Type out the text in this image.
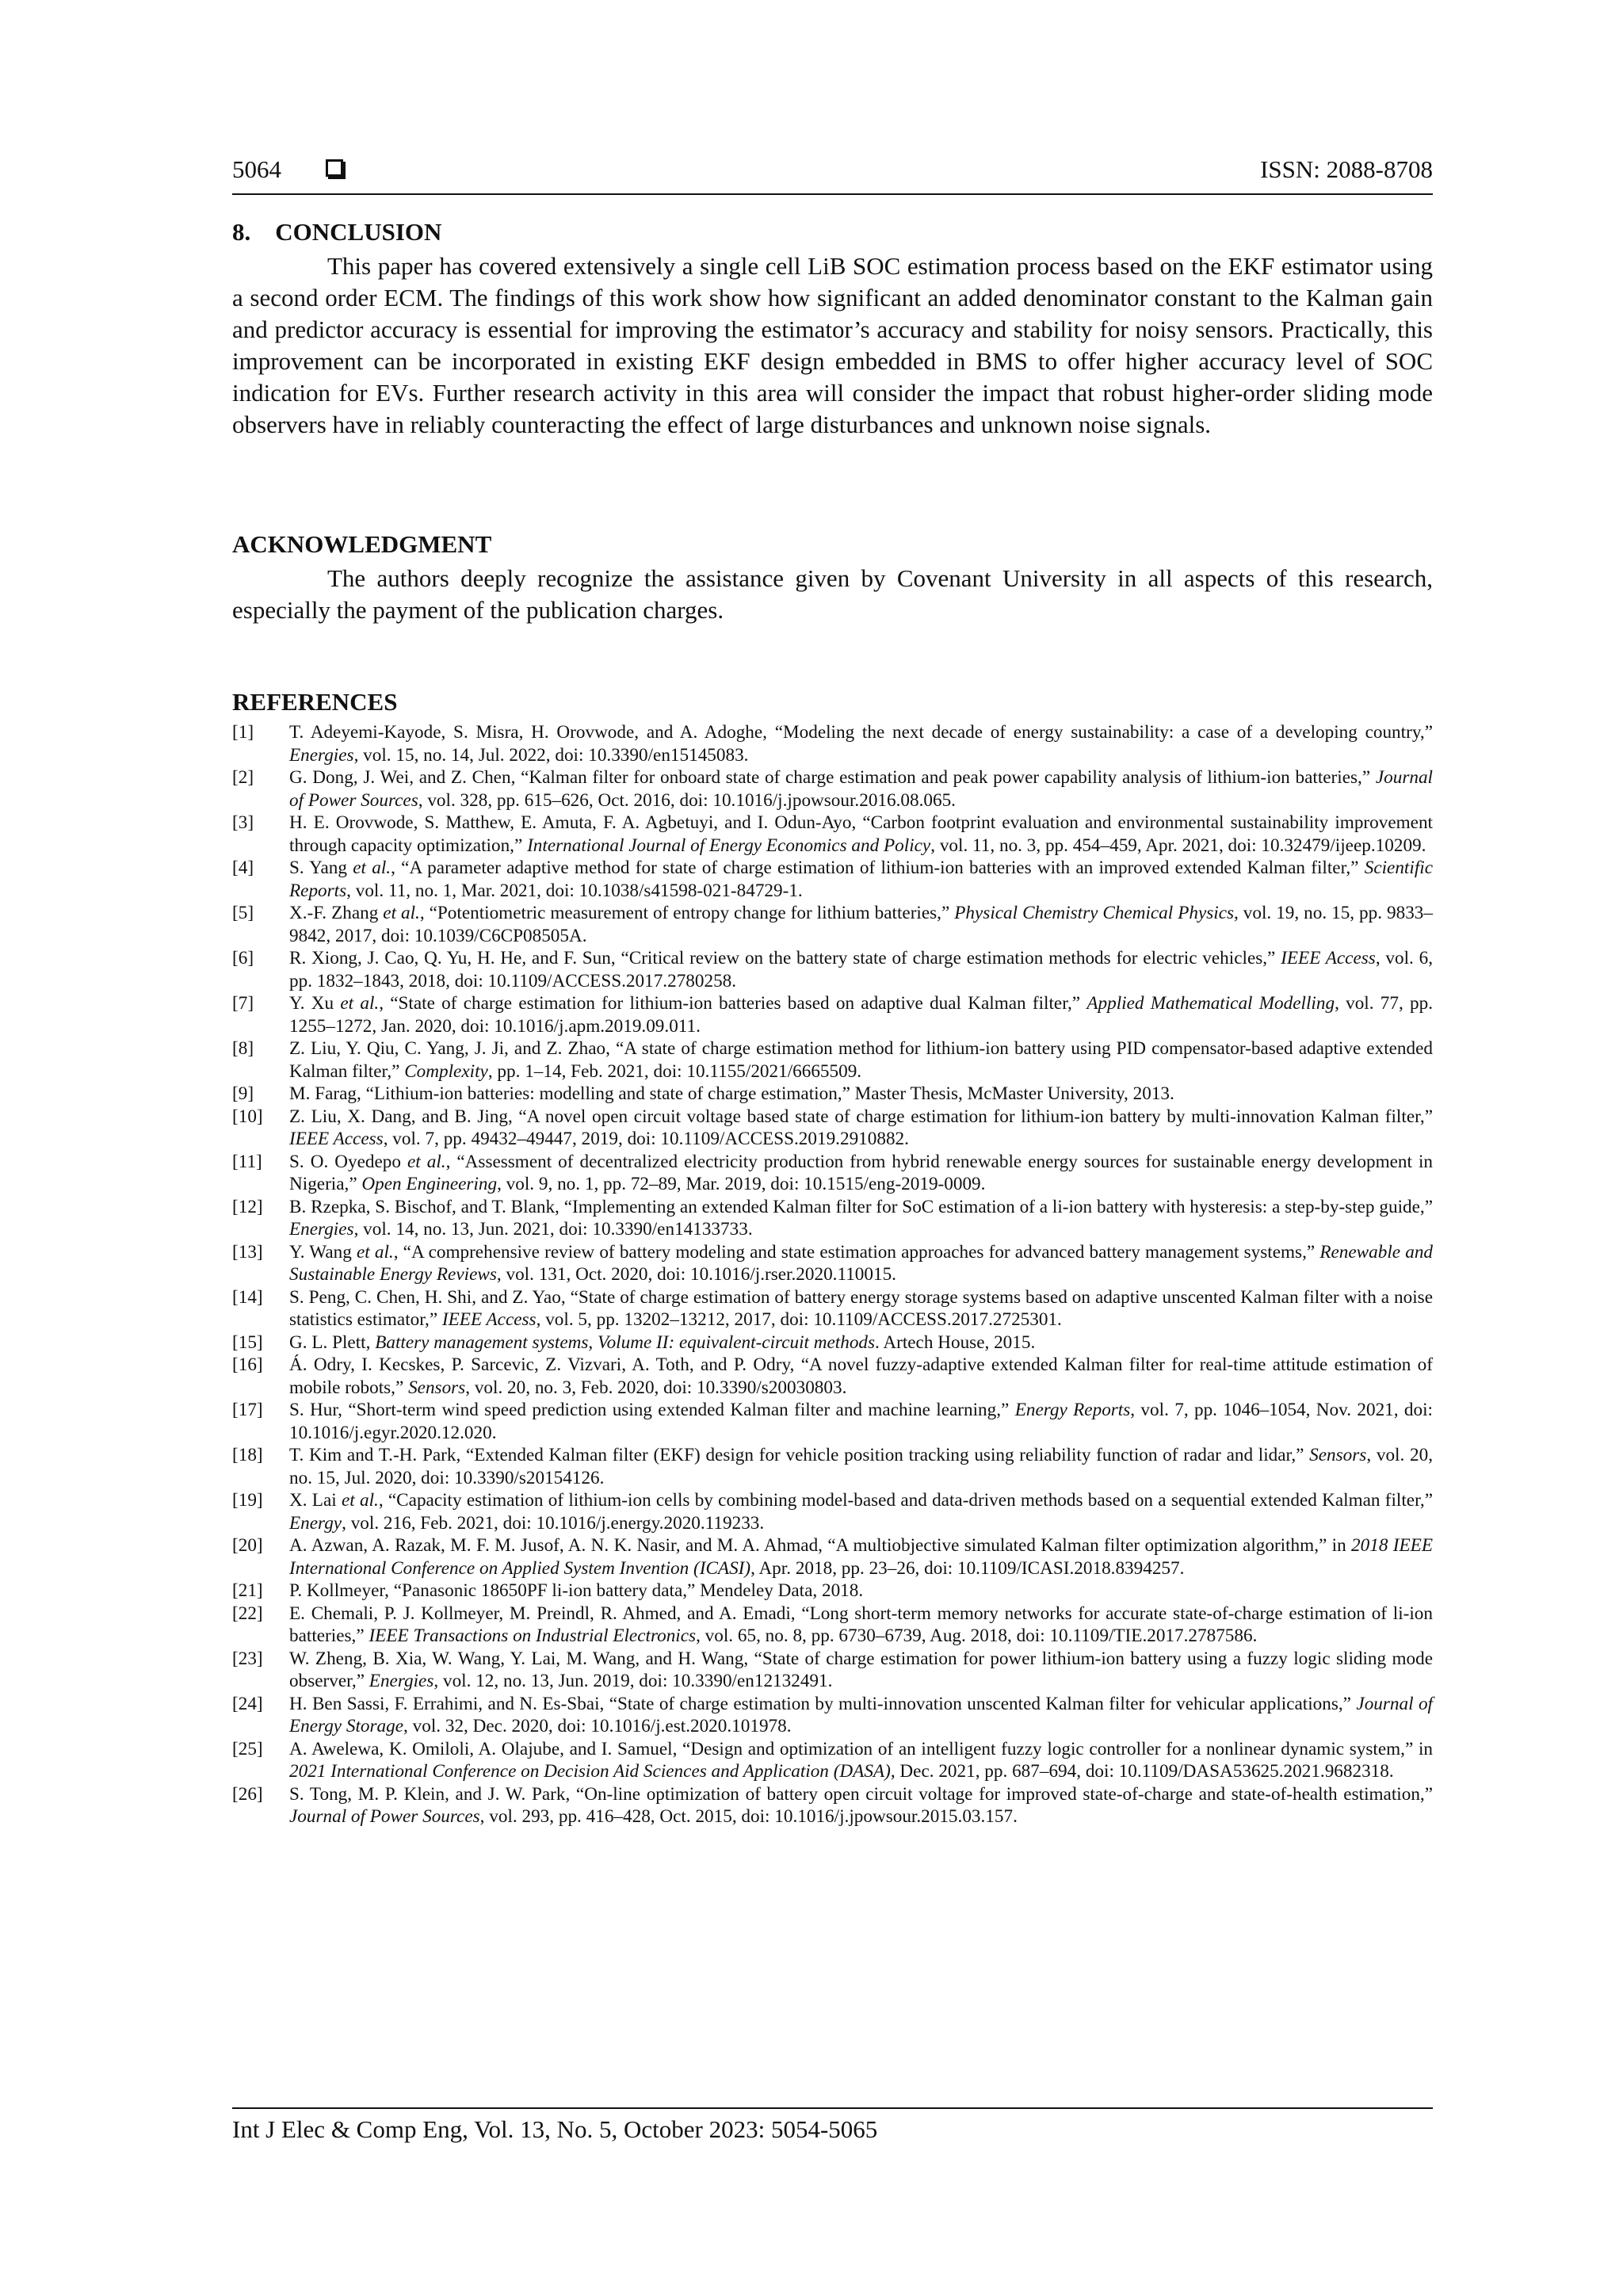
5064	ISSN: 2088-8708
8.    CONCLUSION

This paper has covered extensively a single cell LiB SOC estimation process based on the EKF estimator using a second order ECM. The findings of this work show how significant an added denominator constant to the Kalman gain and predictor accuracy is essential for improving the estimator’s accuracy and stability for noisy sensors. Practically, this improvement can be incorporated in existing EKF design embedded in BMS to offer higher accuracy level of SOC indication for EVs. Further research activity in this area will consider the impact that robust higher-order sliding mode observers have in reliably counteracting the effect of large disturbances and unknown noise signals.

ACKNOWLEDGMENT

The authors deeply recognize the assistance given by Covenant University in all aspects of this research, especially the payment of the publication charges.

REFERENCES
[1]	T. Adeyemi-Kayode, S. Misra, H. Orovwode, and A. Adoghe, “Modeling the next decade of energy sustainability: a case of a developing country,” Energies, vol. 15, no. 14, Jul. 2022, doi: 10.3390/en15145083.
[2]	G. Dong, J. Wei, and Z. Chen, “Kalman filter for onboard state of charge estimation and peak power capability analysis of lithium-ion batteries,” Journal of Power Sources, vol. 328, pp. 615–626, Oct. 2016, doi: 10.1016/j.jpowsour.2016.08.065.
[3]	H. E. Orovwode, S. Matthew, E. Amuta, F. A. Agbetuyi, and I. Odun-Ayo, “Carbon footprint evaluation and environmental sustainability improvement through capacity optimization,” International Journal of Energy Economics and Policy, vol. 11, no. 3, pp. 454–459, Apr. 2021, doi: 10.32479/ijeep.10209.
[4]	S. Yang et al., “A parameter adaptive method for state of charge estimation of lithium-ion batteries with an improved extended Kalman filter,” Scientific Reports, vol. 11, no. 1, Mar. 2021, doi: 10.1038/s41598-021-84729-1.
[5]	X.-F. Zhang et al., “Potentiometric measurement of entropy change for lithium batteries,” Physical Chemistry Chemical Physics, vol. 19, no. 15, pp. 9833–9842, 2017, doi: 10.1039/C6CP08505A.
[6]	R. Xiong, J. Cao, Q. Yu, H. He, and F. Sun, “Critical review on the battery state of charge estimation methods for electric vehicles,” IEEE Access, vol. 6, pp. 1832–1843, 2018, doi: 10.1109/ACCESS.2017.2780258.
[7]	Y. Xu et al., “State of charge estimation for lithium-ion batteries based on adaptive dual Kalman filter,” Applied Mathematical Modelling, vol. 77, pp. 1255–1272, Jan. 2020, doi: 10.1016/j.apm.2019.09.011.
[8]	Z. Liu, Y. Qiu, C. Yang, J. Ji, and Z. Zhao, “A state of charge estimation method for lithium-ion battery using PID compensator-based adaptive extended Kalman filter,” Complexity, pp. 1–14, Feb. 2021, doi: 10.1155/2021/6665509.
[9]	M. Farag, “Lithium-ion batteries: modelling and state of charge estimation,” Master Thesis, McMaster University, 2013.
[10]	Z. Liu, X. Dang, and B. Jing, “A novel open circuit voltage based state of charge estimation for lithium-ion battery by multi-innovation Kalman filter,” IEEE Access, vol. 7, pp. 49432–49447, 2019, doi: 10.1109/ACCESS.2019.2910882.
[11]	S. O. Oyedepo et al., “Assessment of decentralized electricity production from hybrid renewable energy sources for sustainable energy development in Nigeria,” Open Engineering, vol. 9, no. 1, pp. 72–89, Mar. 2019, doi: 10.1515/eng-2019-0009.
[12]	B. Rzepka, S. Bischof, and T. Blank, “Implementing an extended Kalman filter for SoC estimation of a li-ion battery with hysteresis: a step-by-step guide,” Energies, vol. 14, no. 13, Jun. 2021, doi: 10.3390/en14133733.
[13]	Y. Wang et al., “A comprehensive review of battery modeling and state estimation approaches for advanced battery management systems,” Renewable and Sustainable Energy Reviews, vol. 131, Oct. 2020, doi: 10.1016/j.rser.2020.110015.
[14]	S. Peng, C. Chen, H. Shi, and Z. Yao, “State of charge estimation of battery energy storage systems based on adaptive unscented Kalman filter with a noise statistics estimator,” IEEE Access, vol. 5, pp. 13202–13212, 2017, doi: 10.1109/ACCESS.2017.2725301.
[15]	G. L. Plett, Battery management systems, Volume II: equivalent-circuit methods. Artech House, 2015.
[16]	Á. Odry, I. Kecskes, P. Sarcevic, Z. Vizvari, A. Toth, and P. Odry, “A novel fuzzy-adaptive extended Kalman filter for real-time attitude estimation of mobile robots,” Sensors, vol. 20, no. 3, Feb. 2020, doi: 10.3390/s20030803.
[17]	S. Hur, “Short-term wind speed prediction using extended Kalman filter and machine learning,” Energy Reports, vol. 7, pp. 1046–1054, Nov. 2021, doi: 10.1016/j.egyr.2020.12.020.
[18]	T. Kim and T.-H. Park, “Extended Kalman filter (EKF) design for vehicle position tracking using reliability function of radar and lidar,” Sensors, vol. 20, no. 15, Jul. 2020, doi: 10.3390/s20154126.
[19]	X. Lai et al., “Capacity estimation of lithium-ion cells by combining model-based and data-driven methods based on a sequential extended Kalman filter,” Energy, vol. 216, Feb. 2021, doi: 10.1016/j.energy.2020.119233.
[20]	A. Azwan, A. Razak, M. F. M. Jusof, A. N. K. Nasir, and M. A. Ahmad, “A multiobjective simulated Kalman filter optimization algorithm,” in 2018 IEEE International Conference on Applied System Invention (ICASI), Apr. 2018, pp. 23–26, doi: 10.1109/ICASI.2018.8394257.
[21]	P. Kollmeyer, “Panasonic 18650PF li-ion battery data,” Mendeley Data, 2018.
[22]	E. Chemali, P. J. Kollmeyer, M. Preindl, R. Ahmed, and A. Emadi, “Long short-term memory networks for accurate state-of-charge estimation of li-ion batteries,” IEEE Transactions on Industrial Electronics, vol. 65, no. 8, pp. 6730–6739, Aug. 2018, doi: 10.1109/TIE.2017.2787586.
[23]	W. Zheng, B. Xia, W. Wang, Y. Lai, M. Wang, and H. Wang, “State of charge estimation for power lithium-ion battery using a fuzzy logic sliding mode observer,” Energies, vol. 12, no. 13, Jun. 2019, doi: 10.3390/en12132491.
[24]	H. Ben Sassi, F. Errahimi, and N. Es-Sbai, “State of charge estimation by multi-innovation unscented Kalman filter for vehicular applications,” Journal of Energy Storage, vol. 32, Dec. 2020, doi: 10.1016/j.est.2020.101978.
[25]	A. Awelewa, K. Omiloli, A. Olajube, and I. Samuel, “Design and optimization of an intelligent fuzzy logic controller for a nonlinear dynamic system,” in 2021 International Conference on Decision Aid Sciences and Application (DASA), Dec. 2021, pp. 687–694, doi: 10.1109/DASA53625.2021.9682318.
[26]	S. Tong, M. P. Klein, and J. W. Park, “On-line optimization of battery open circuit voltage for improved state-of-charge and state-of-health estimation,” Journal of Power Sources, vol. 293, pp. 416–428, Oct. 2015, doi: 10.1016/j.jpowsour.2015.03.157.
Int J Elec & Comp Eng, Vol. 13, No. 5, October 2023: 5054-5065
